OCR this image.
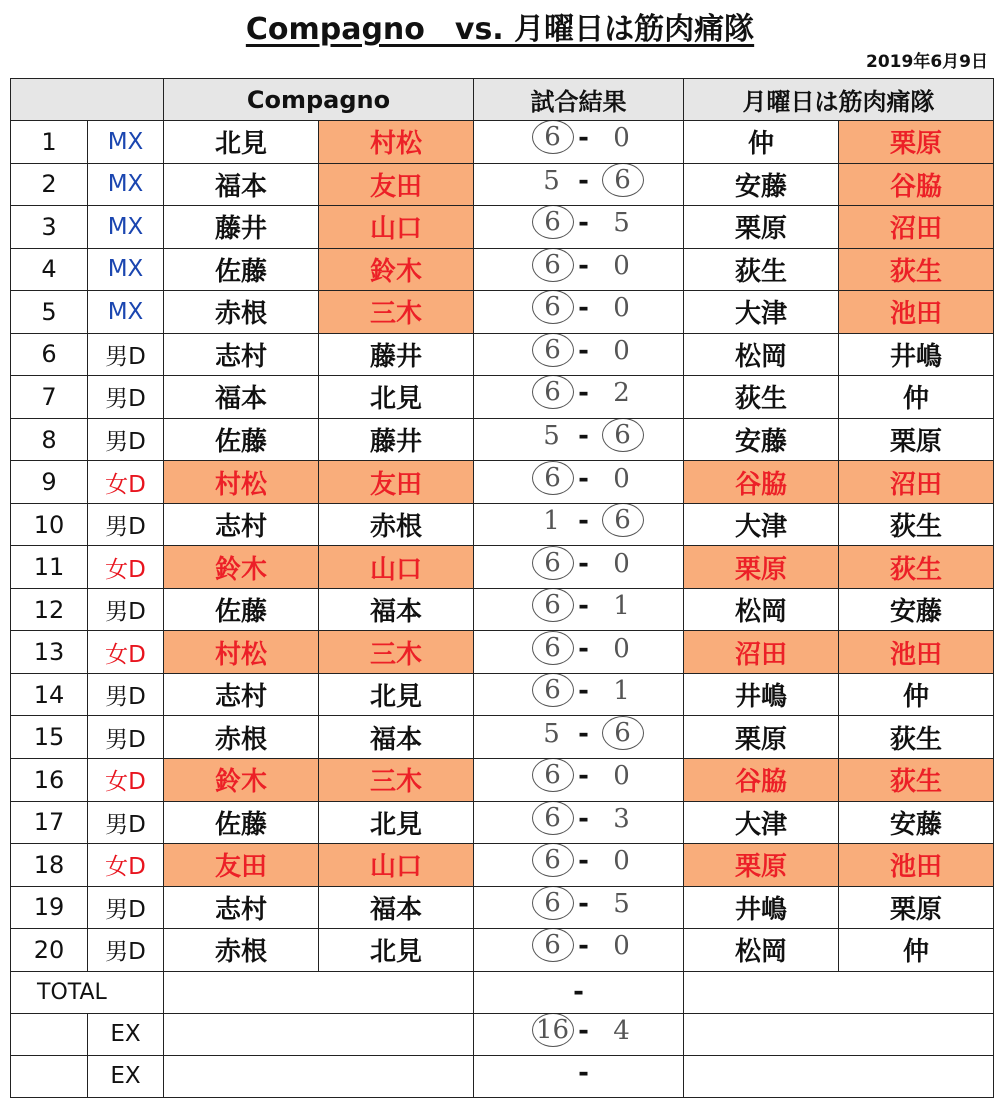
Compagno　vs. 月曜日は筋肉痛隊
2019年6月9日
		Compagno		試合結果	月曜日は筋肉痛隊	
1	MX	北見	村松	6 - 0	仲	栗原
2	MX	福本	友田	5 - 6	安藤	谷脇
3	MX	藤井	山口	6 - 5	栗原	沼田
4	MX	佐藤	鈴木	6 - 0	荻生	荻生
5	MX	赤根	三木	6 - 0	大津	池田
6	男D	志村	藤井	6 - 0	松岡	井嶋
7	男D	福本	北見	6 - 2	荻生	仲
8	男D	佐藤	藤井	5 - 6	安藤	栗原
9	女D	村松	友田	6 - 0	谷脇	沼田
10	男D	志村	赤根	1 - 6	大津	荻生
11	女D	鈴木	山口	6 - 0	栗原	荻生
12	男D	佐藤	福本	6 - 1	松岡	安藤
13	女D	村松	三木	6 - 0	沼田	池田
14	男D	志村	北見	6 - 1	井嶋	仲
15	男D	赤根	福本	5 - 6	栗原	荻生
16	女D	鈴木	三木	6 - 0	谷脇	荻生
17	男D	佐藤	北見	6 - 3	大津	安藤
18	女D	友田	山口	6 - 0	栗原	池田
19	男D	志村	福本	6 - 5	井嶋	栗原
20	男D	赤根	北見	6 - 0	松岡	仲
TOTAL				-		
	EX			16 - 4		

	EX			-		
